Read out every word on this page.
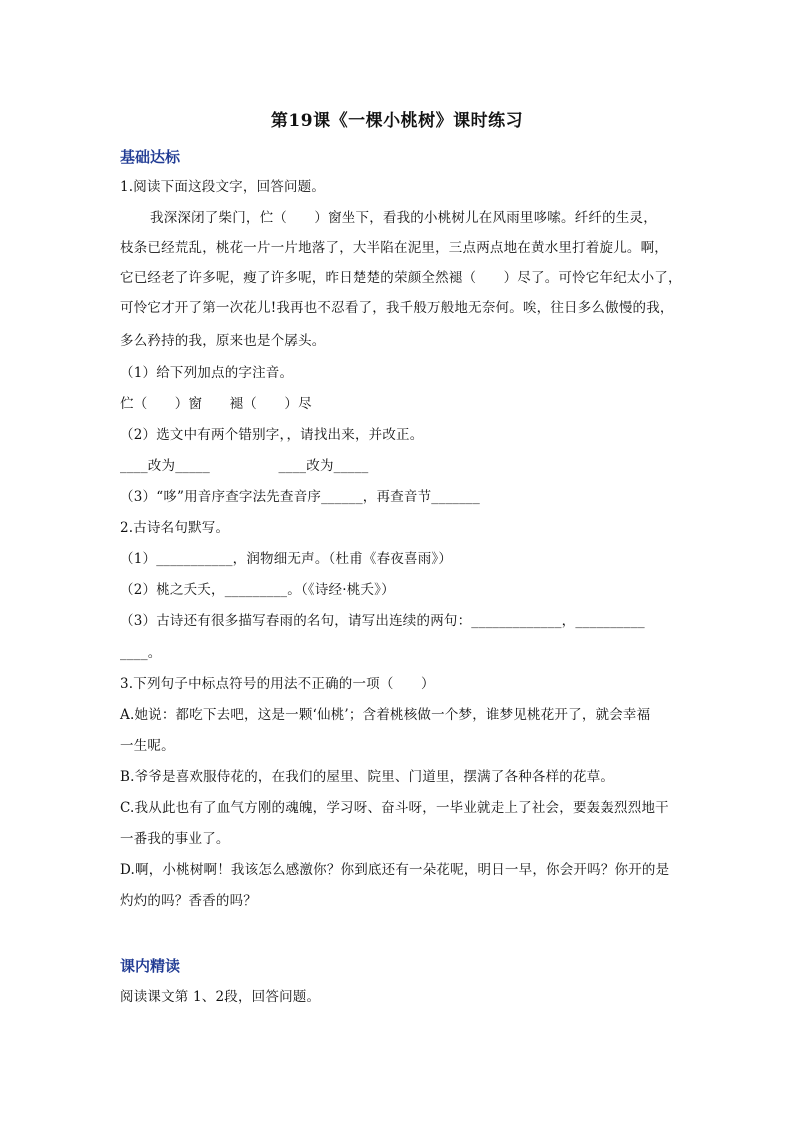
第19课《一棵小桃树》课时练习
基础达标
1.阅读下面这段文字，回答问题。
我深深闭了柴门，伫（　　）窗坐下，看我的小桃树儿在风雨里哆嗦。纤纤的生灵，
枝条已经荒乱，桃花一片一片地落了，大半陷在泥里，三点两点地在黄水里打着旋儿。啊，
它已经老了许多呢，瘦了许多呢，昨日楚楚的荣颜全然褪（　　）尽了。可怜它年纪太小了，
可怜它才开了第一次花儿!我再也不忍看了，我千般万般地无奈何。唉，往日多么傲慢的我，
多么矜持的我，原来也是个孱头。
（1）给下列加点的字注音。
伫（　　）窗　　褪（　　）尽
（2）选文中有两个错别字，，请找出来，并改正。
____改为_____　　　　　____改为_____
（3）“哆”用音序查字法先查音序______，再查音节_______
2.古诗名句默写。
（1）___________，润物细无声。（杜甫《春夜喜雨》）
（2）桃之夭夭，_________。（《诗经·桃夭》）
（3）古诗还有很多描写春雨的名句，请写出连续的两句：_____________，__________
____。
3.下列句子中标点符号的用法不正确的一项（　　）
A.她说：都吃下去吧，这是一颗‘仙桃’；含着桃核做一个梦，谁梦见桃花开了，就会幸福
一生呢。
B.爷爷是喜欢服侍花的，在我们的屋里、院里、门道里，摆满了各种各样的花草。
C.我从此也有了血气方刚的魂魄，学习呀、奋斗呀，一毕业就走上了社会，要轰轰烈烈地干
一番我的事业了。
D.啊，小桃树啊！我该怎么感激你？你到底还有一朵花呢，明日一早，你会开吗？你开的是
灼灼的吗？香香的吗？
课内精读
阅读课文第 1、2段，回答问题。
